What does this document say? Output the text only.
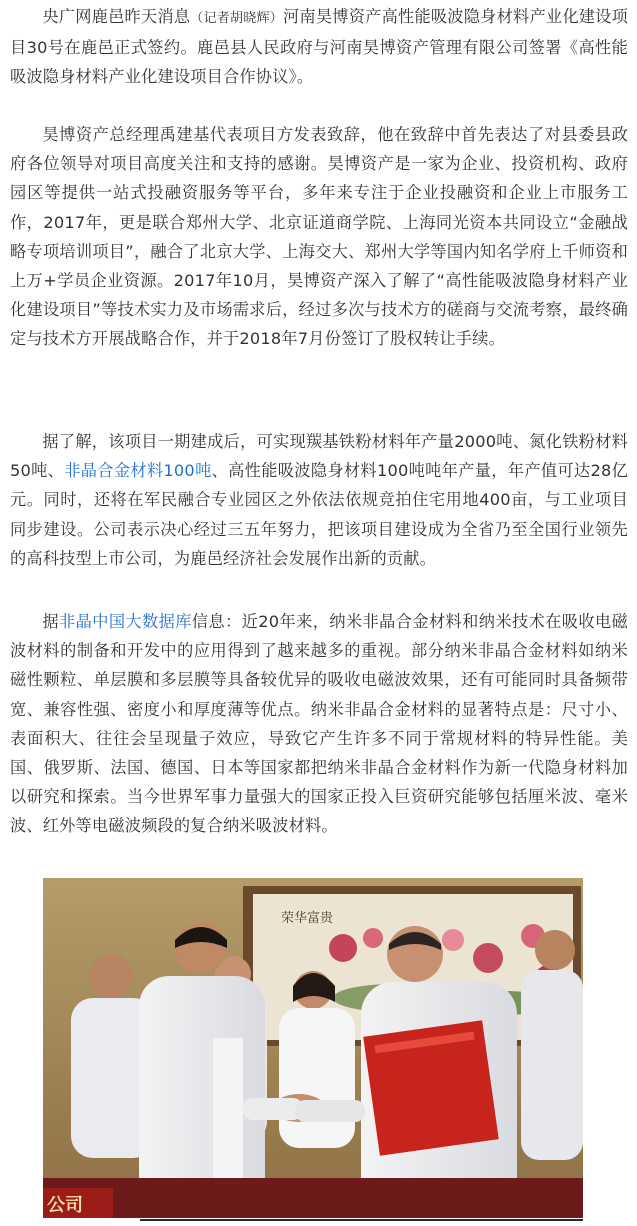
央广网鹿邑昨天消息（记者胡晓辉）河南昊博资产高性能吸波隐身材料产业化建设项目30号在鹿邑正式签约。鹿邑县人民政府与河南昊博资产管理有限公司签署《高性能吸波隐身材料产业化建设项目合作协议》。

昊博资产总经理禹建基代表项目方发表致辞，他在致辞中首先表达了对县委县政府各位领导对项目高度关注和支持的感谢。昊博资产是一家为企业、投资机构、政府园区等提供一站式投融资服务等平台，多年来专注于企业投融资和企业上市服务工作，2017年，更是联合郑州大学、北京证道商学院、上海同光资本共同设立“金融战略专项培训项目”，融合了北京大学、上海交大、郑州大学等国内知名学府上千师资和上万+学员企业资源。2017年10月，昊博资产深入了解了“高性能吸波隐身材料产业化建设项目”等技术实力及市场需求后，经过多次与技术方的磋商与交流考察，最终确定与技术方开展战略合作，并于2018年7月份签订了股权转让手续。

据了解，该项目一期建成后，可实现羰基铁粉材料年产量2000吨、氮化铁粉材料50吨、非晶合金材料100吨、高性能吸波隐身材料100吨吨年产量，年产值可达28亿元。同时，还将在军民融合专业园区之外依法依规竞拍住宅用地400亩，与工业项目同步建设。公司表示决心经过三五年努力，把该项目建设成为全省乃至全国行业领先的高科技型上市公司，为鹿邑经济社会发展作出新的贡献。

据非晶中国大数据库信息：近20年来，纳米非晶合金材料和纳米技术在吸收电磁波材料的制备和开发中的应用得到了越来越多的重视。部分纳米非晶合金材料如纳米磁性颗粒、单层膜和多层膜等具备较优异的吸收电磁波效果，还有可能同时具备频带宽、兼容性强、密度小和厚度薄等优点。纳米非晶合金材料的显著特点是：尺寸小、表面积大、往往会呈现量子效应，导致它产生许多不同于常规材料的特异性能。美国、俄罗斯、法国、德国、日本等国家都把纳米非晶合金材料作为新一代隐身材料加以研究和探索。当今世界军事力量强大的国家正投入巨资研究能够包括厘米波、毫米波、红外等电磁波频段的复合纳米吸波材料。

荣华富贵
公司
